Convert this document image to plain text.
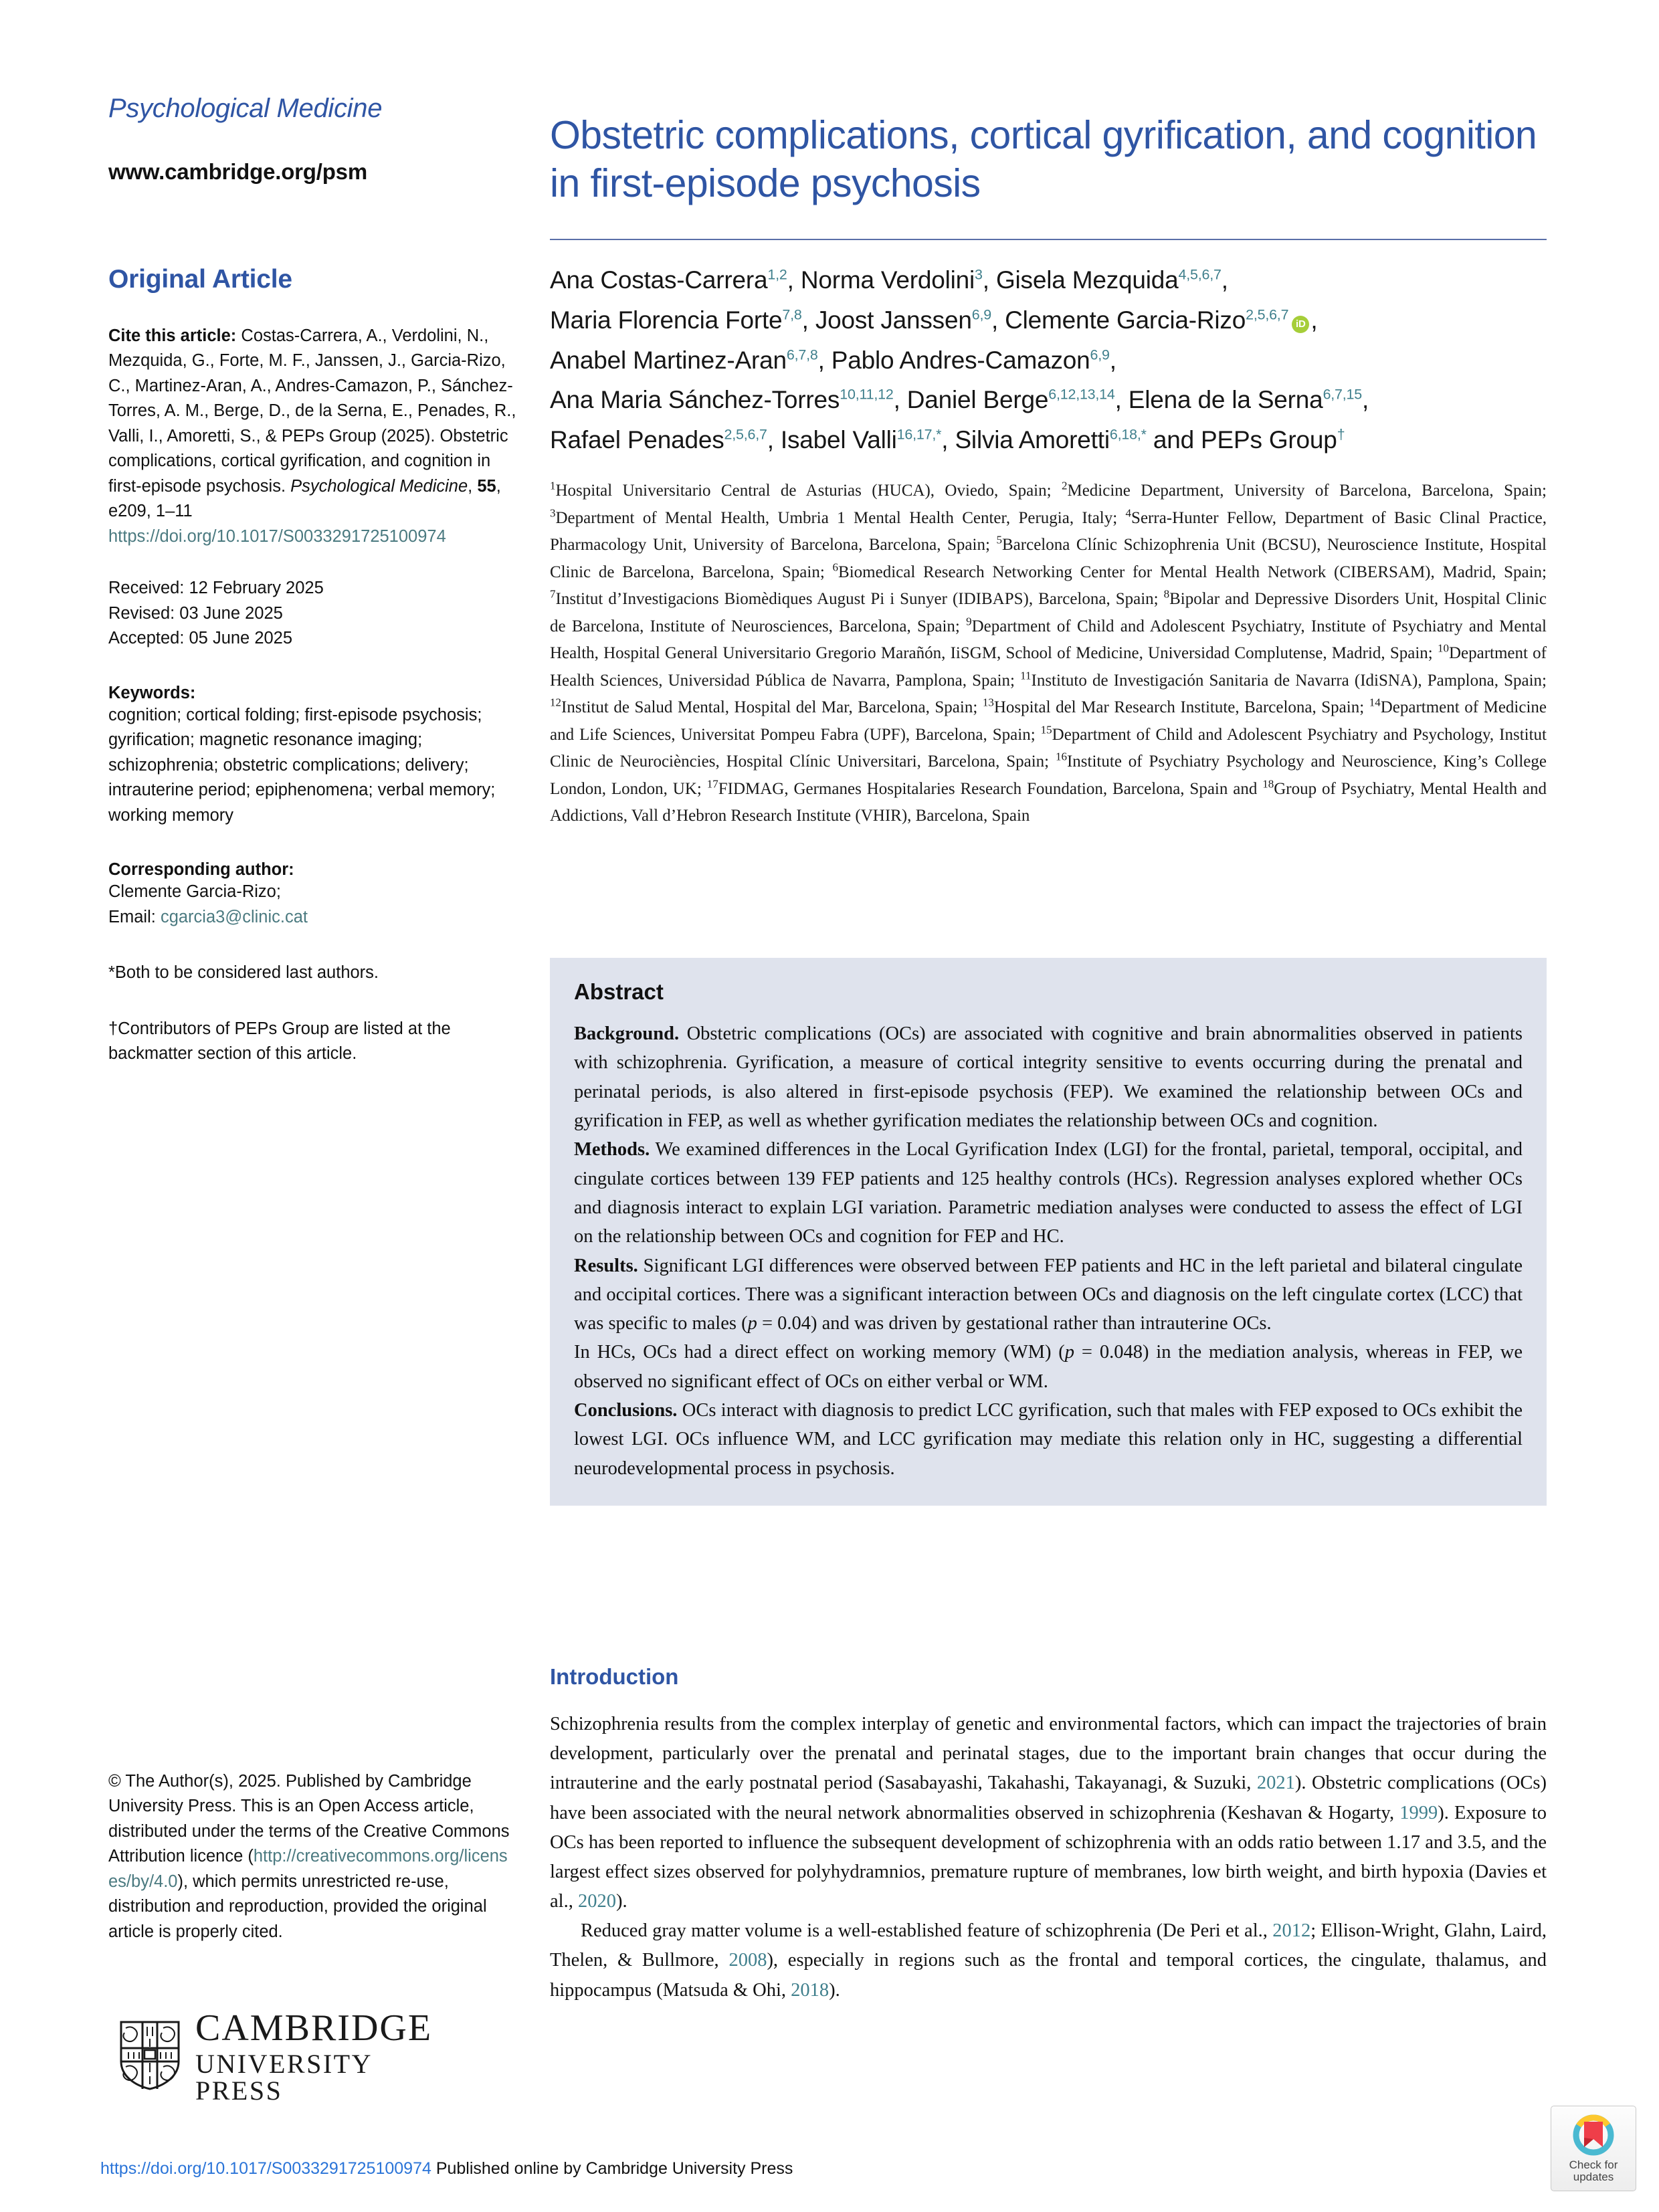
Psychological Medicine
www.cambridge.org/psm
Original Article
Cite this article: Costas-Carrera, A., Verdolini, N., Mezquida, G., Forte, M. F., Janssen, J., Garcia-Rizo, C., Martinez-Aran, A., Andres-Camazon, P., Sánchez-Torres, A. M., Berge, D., de la Serna, E., Penades, R., Valli, I., Amoretti, S., & PEPs Group (2025). Obstetric complications, cortical gyrification, and cognition in first-episode psychosis. Psychological Medicine, 55, e209, 1–11
https://doi.org/10.1017/S0033291725100974
Received: 12 February 2025
Revised: 03 June 2025
Accepted: 05 June 2025
Keywords:
cognition; cortical folding; first-episode psychosis; gyrification; magnetic resonance imaging; schizophrenia; obstetric complications; delivery; intrauterine period; epiphenomena; verbal memory; working memory
Corresponding author:
Clemente Garcia-Rizo;
Email: cgarcia3@clinic.cat
*Both to be considered last authors.
†Contributors of PEPs Group are listed at the backmatter section of this article.
© The Author(s), 2025. Published by Cambridge University Press. This is an Open Access article, distributed under the terms of the Creative Commons Attribution licence (http://creativecommons.org/licenses/by/4.0), which permits unrestricted re-use, distribution and reproduction, provided the original article is properly cited.
CAMBRIDGE
UNIVERSITY PRESS
Obstetric complications, cortical gyrification, and cognition in first-episode psychosis
Ana Costas-Carrera$^{1,2}$, Norma Verdolini$^3$, Gisela Mezquida$^{4,5,6,7}$,
Maria Florencia Forte$^{7,8}$, Joost Janssen$^{6,9}$, Clemente Garcia-Rizo$^{2,5,6,7}$iD ,
Anabel Martinez-Aran$^{6,7,8}$, Pablo Andres-Camazon$^{6,9}$,
Ana Maria Sánchez-Torres$^{10,11,12}$, Daniel Berge$^{6,12,13,14}$, Elena de la Serna$^{6,7,15}$,
Rafael Penades$^{2,5,6,7}$, Isabel Valli$^{16,17,*}$, Silvia Amoretti$^{6,18,*}$ and PEPs Group†
$^1$Hospital Universitario Central de Asturias (HUCA), Oviedo, Spain; $^2$Medicine Department, University of Barcelona, Barcelona, Spain; $^3$Department of Mental Health, Umbria 1 Mental Health Center, Perugia, Italy; $^4$Serra-Hunter Fellow, Department of Basic Clinal Practice, Pharmacology Unit, University of Barcelona, Barcelona, Spain; $^5$Barcelona Clínic Schizophrenia Unit (BCSU), Neuroscience Institute, Hospital Clinic de Barcelona, Barcelona, Spain; $^6$Biomedical Research Networking Center for Mental Health Network (CIBERSAM), Madrid, Spain; $^7$Institut d’Investigacions Biomèdiques August Pi i Sunyer (IDIBAPS), Barcelona, Spain; $^8$Bipolar and Depressive Disorders Unit, Hospital Clinic de Barcelona, Institute of Neurosciences, Barcelona, Spain; $^9$Department of Child and Adolescent Psychiatry, Institute of Psychiatry and Mental Health, Hospital General Universitario Gregorio Marañón, IiSGM, School of Medicine, Universidad Complutense, Madrid, Spain; $^{10}$Department of Health Sciences, Universidad Pública de Navarra, Pamplona, Spain; $^{11}$Instituto de Investigación Sanitaria de Navarra (IdiSNA), Pamplona, Spain; $^{12}$Institut de Salud Mental, Hospital del Mar, Barcelona, Spain; $^{13}$Hospital del Mar Research Institute, Barcelona, Spain; $^{14}$Department of Medicine and Life Sciences, Universitat Pompeu Fabra (UPF), Barcelona, Spain; $^{15}$Department of Child and Adolescent Psychiatry and Psychology, Institut Clinic de Neurociències, Hospital Clínic Universitari, Barcelona, Spain; $^{16}$Institute of Psychiatry Psychology and Neuroscience, King’s College London, London, UK; $^{17}$FIDMAG, Germanes Hospitalaries Research Foundation, Barcelona, Spain and $^{18}$Group of Psychiatry, Mental Health and Addictions, Vall d’Hebron Research Institute (VHIR), Barcelona, Spain
Abstract

Background. Obstetric complications (OCs) are associated with cognitive and brain abnormalities observed in patients with schizophrenia. Gyrification, a measure of cortical integrity sensitive to events occurring during the prenatal and perinatal periods, is also altered in first-episode psychosis (FEP). We examined the relationship between OCs and gyrification in FEP, as well as whether gyrification mediates the relationship between OCs and cognition.

Methods. We examined differences in the Local Gyrification Index (LGI) for the frontal, parietal, temporal, occipital, and cingulate cortices between 139 FEP patients and 125 healthy controls (HCs). Regression analyses explored whether OCs and diagnosis interact to explain LGI variation. Parametric mediation analyses were conducted to assess the effect of LGI on the relationship between OCs and cognition for FEP and HC.

Results. Significant LGI differences were observed between FEP patients and HC in the left parietal and bilateral cingulate and occipital cortices. There was a significant interaction between OCs and diagnosis on the left cingulate cortex (LCC) that was specific to males (p = 0.04) and was driven by gestational rather than intrauterine OCs.

In HCs, OCs had a direct effect on working memory (WM) (p = 0.048) in the mediation analysis, whereas in FEP, we observed no significant effect of OCs on either verbal or WM.

Conclusions. OCs interact with diagnosis to predict LCC gyrification, such that males with FEP exposed to OCs exhibit the lowest LGI. OCs influence WM, and LCC gyrification may mediate this relation only in HC, suggesting a differential neurodevelopmental process in psychosis.

Introduction

Schizophrenia results from the complex interplay of genetic and environmental factors, which can impact the trajectories of brain development, particularly over the prenatal and perinatal stages, due to the important brain changes that occur during the intrauterine and the early postnatal period (Sasabayashi, Takahashi, Takayanagi, & Suzuki, 2021). Obstetric complications (OCs) have been associated with the neural network abnormalities observed in schizophrenia (Keshavan & Hogarty, 1999). Exposure to OCs has been reported to influence the subsequent development of schizophrenia with an odds ratio between 1.17 and 3.5, and the largest effect sizes observed for polyhydramnios, premature rupture of membranes, low birth weight, and birth hypoxia (Davies et al., 2020).

Reduced gray matter volume is a well-established feature of schizophrenia (De Peri et al., 2012; Ellison-Wright, Glahn, Laird, Thelen, & Bullmore, 2008), especially in regions such as the frontal and temporal cortices, the cingulate, thalamus, and hippocampus (Matsuda & Ohi, 2018).

https://doi.org/10.1017/S0033291725100974 Published online by Cambridge University Press	Check for
updates
